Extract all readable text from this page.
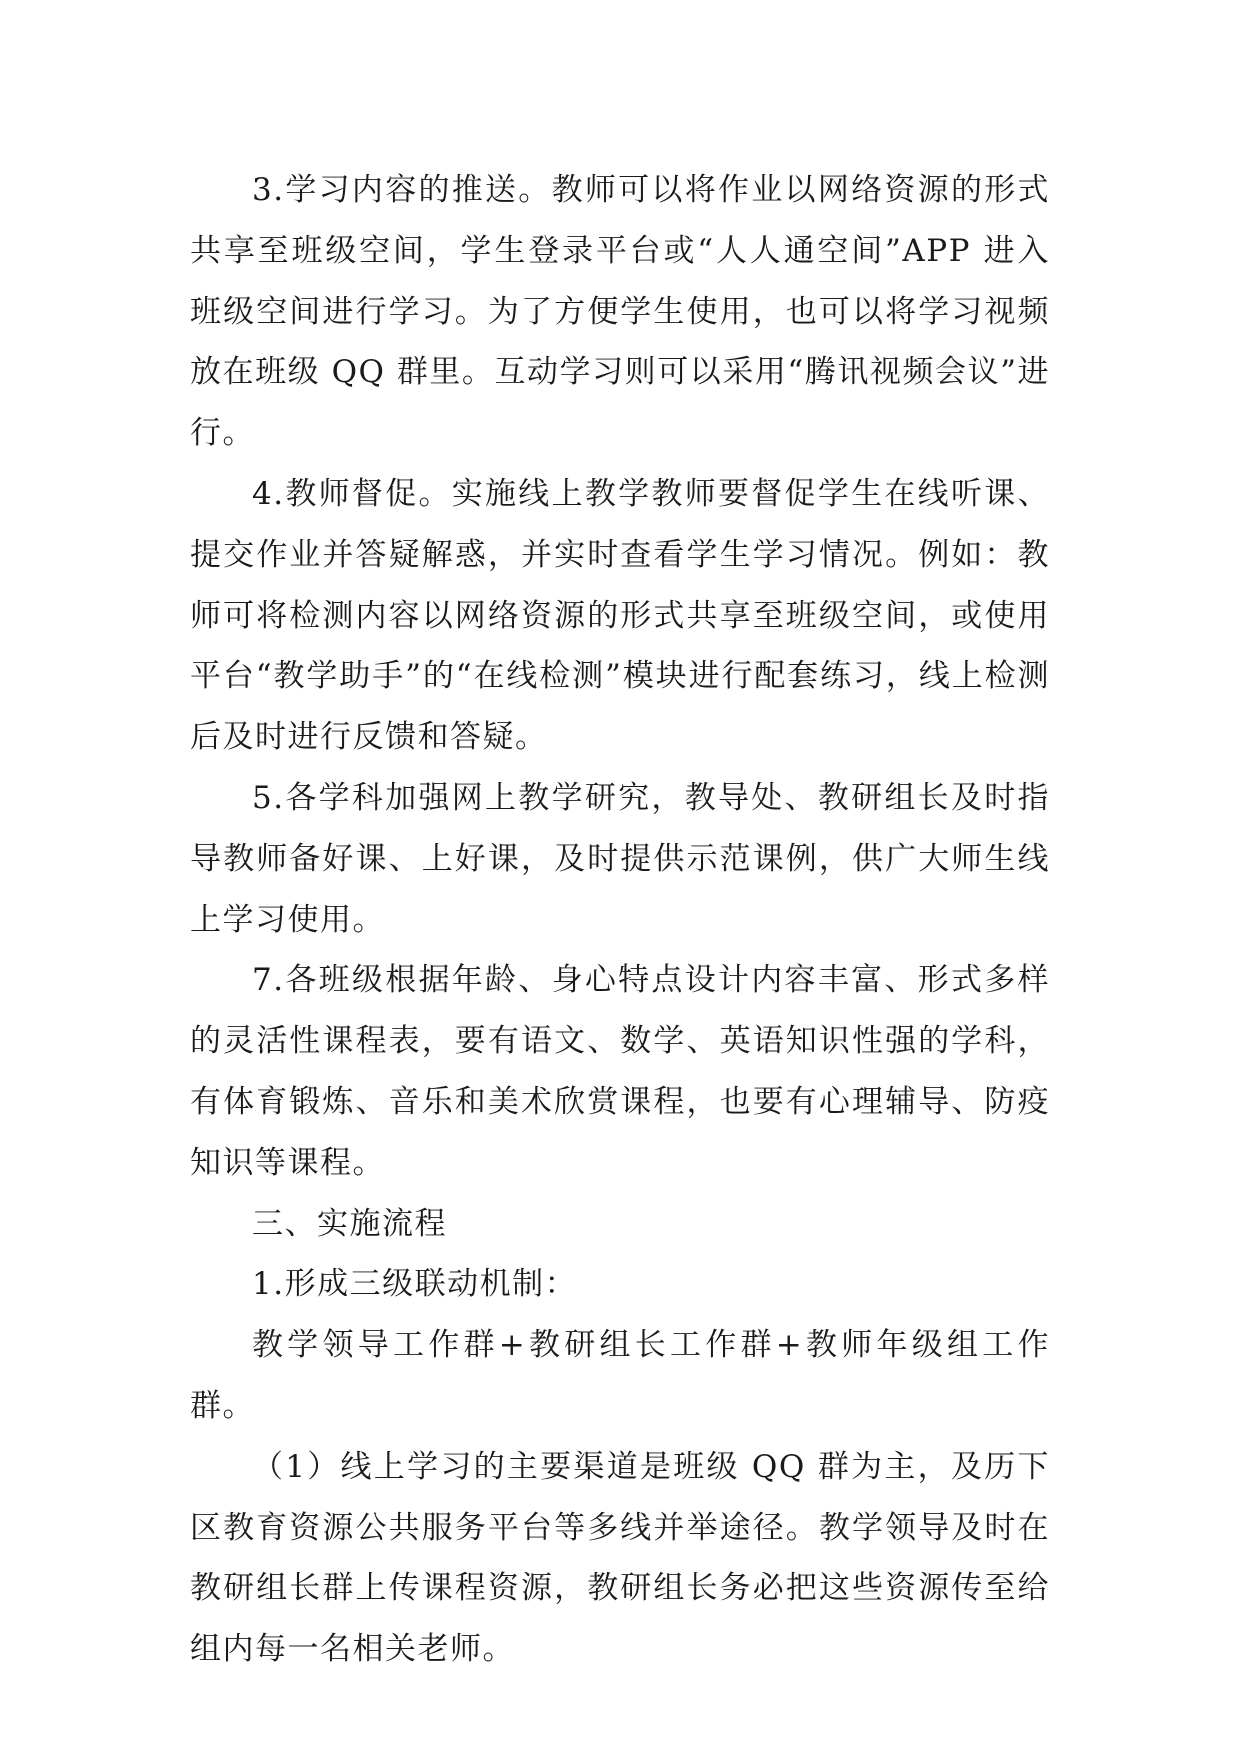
3.学习内容的推送。教师可以将作业以网络资源的形式共享至班级空间，学生登录平台或“人人通空间”APP 进入班级空间进行学习。为了方便学生使用，也可以将学习视频放在班级 QQ 群里。互动学习则可以采用“腾讯视频会议”进行。

4.教师督促。实施线上教学教师要督促学生在线听课、提交作业并答疑解惑，并实时查看学生学习情况。例如：教师可将检测内容以网络资源的形式共享至班级空间，或使用平台“教学助手”的“在线检测”模块进行配套练习，线上检测后及时进行反馈和答疑。

5.各学科加强网上教学研究，教导处、教研组长及时指导教师备好课、上好课，及时提供示范课例，供广大师生线上学习使用。

7.各班级根据年龄、身心特点设计内容丰富、形式多样的灵活性课程表，要有语文、数学、英语知识性强的学科，有体育锻炼、音乐和美术欣赏课程，也要有心理辅导、防疫知识等课程。

三、实施流程

1.形成三级联动机制：

教学领导工作群+教研组长工作群+教师年级组工作群。

（1）线上学习的主要渠道是班级 QQ 群为主，及历下区教育资源公共服务平台等多线并举途径。教学领导及时在教研组长群上传课程资源，教研组长务必把这些资源传至给组内每一名相关老师。
